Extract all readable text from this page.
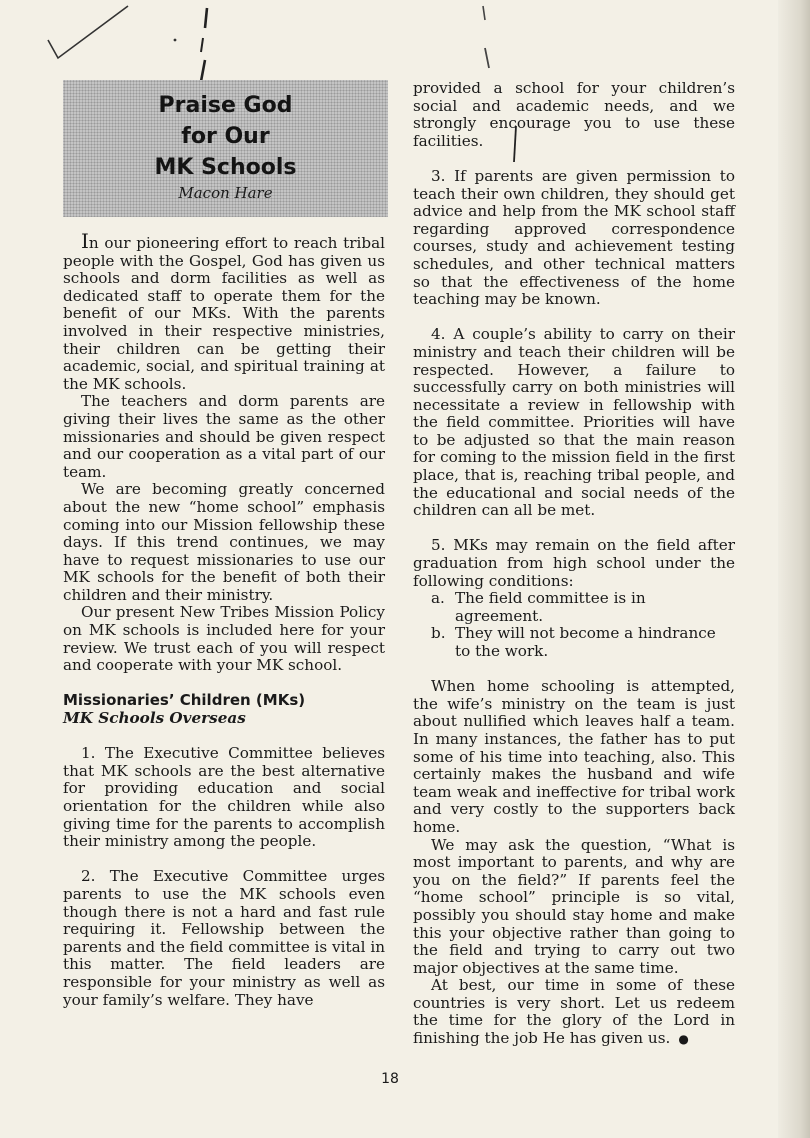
Praise God
for Our
MK Schools
Macon Hare

In our pioneering effort to reach tribal people with the Gospel, God has given us schools and dorm facilities as well as dedicated staff to operate them for the benefit of our MKs. With the parents involved in their respective ministries, their children can be getting their academic, social, and spiritual training at the MK schools.

The teachers and dorm parents are giving their lives the same as the other missionaries and should be given respect and our cooperation as a vital part of our team.

We are becoming greatly concerned about the new “home school” emphasis coming into our Mission fellowship these days. If this trend continues, we may have to request missionaries to use our MK schools for the benefit of both their children and their ministry.

Our present New Tribes Mission Policy on MK schools is included here for your review. We trust each of you will respect and cooperate with your MK school.

Missionaries’ Children (MKs)
MK Schools Overseas

1. The Executive Committee believes that MK schools are the best alternative for providing education and social orientation for the children while also giving time for the parents to accomplish their ministry among the people.

2. The Executive Committee urges parents to use the MK schools even though there is not a hard and fast rule requiring it. Fellowship between the parents and the field committee is vital in this matter. The field leaders are responsible for your ministry as well as your family’s welfare. They have

provided a school for your children’s social and academic needs, and we strongly encourage you to use these facilities.

3. If parents are given permission to teach their own children, they should get advice and help from the MK school staff regarding approved correspondence courses, study and achievement testing schedules, and other technical matters so that the effectiveness of the home teaching may be known.

4. A couple’s ability to carry on their ministry and teach their children will be respected. However, a failure to successfully carry on both ministries will necessitate a review in fellowship with the field committee. Priorities will have to be adjusted so that the main reason for coming to the mission field in the first place, that is, reaching tribal people, and the educational and social needs of the children can all be met.

5. MKs may remain on the field after graduation from high school under the following conditions:

a. The field committee is in agreement.
b. They will not become a hindrance to the work.

When home schooling is attempted, the wife’s ministry on the team is just about nullified which leaves half a team. In many instances, the father has to put some of his time into teaching, also. This certainly makes the husband and wife team weak and ineffective for tribal work and very costly to the supporters back home.

We may ask the question, “What is most important to parents, and why are you on the field?” If parents feel the “home school” principle is so vital, possibly you should stay home and make this your objective rather than going to the field and trying to carry out two major objectives at the same time.

At best, our time in some of these countries is very short. Let us redeem the time for the glory of the Lord in finishing the job He has given us. ●

18
